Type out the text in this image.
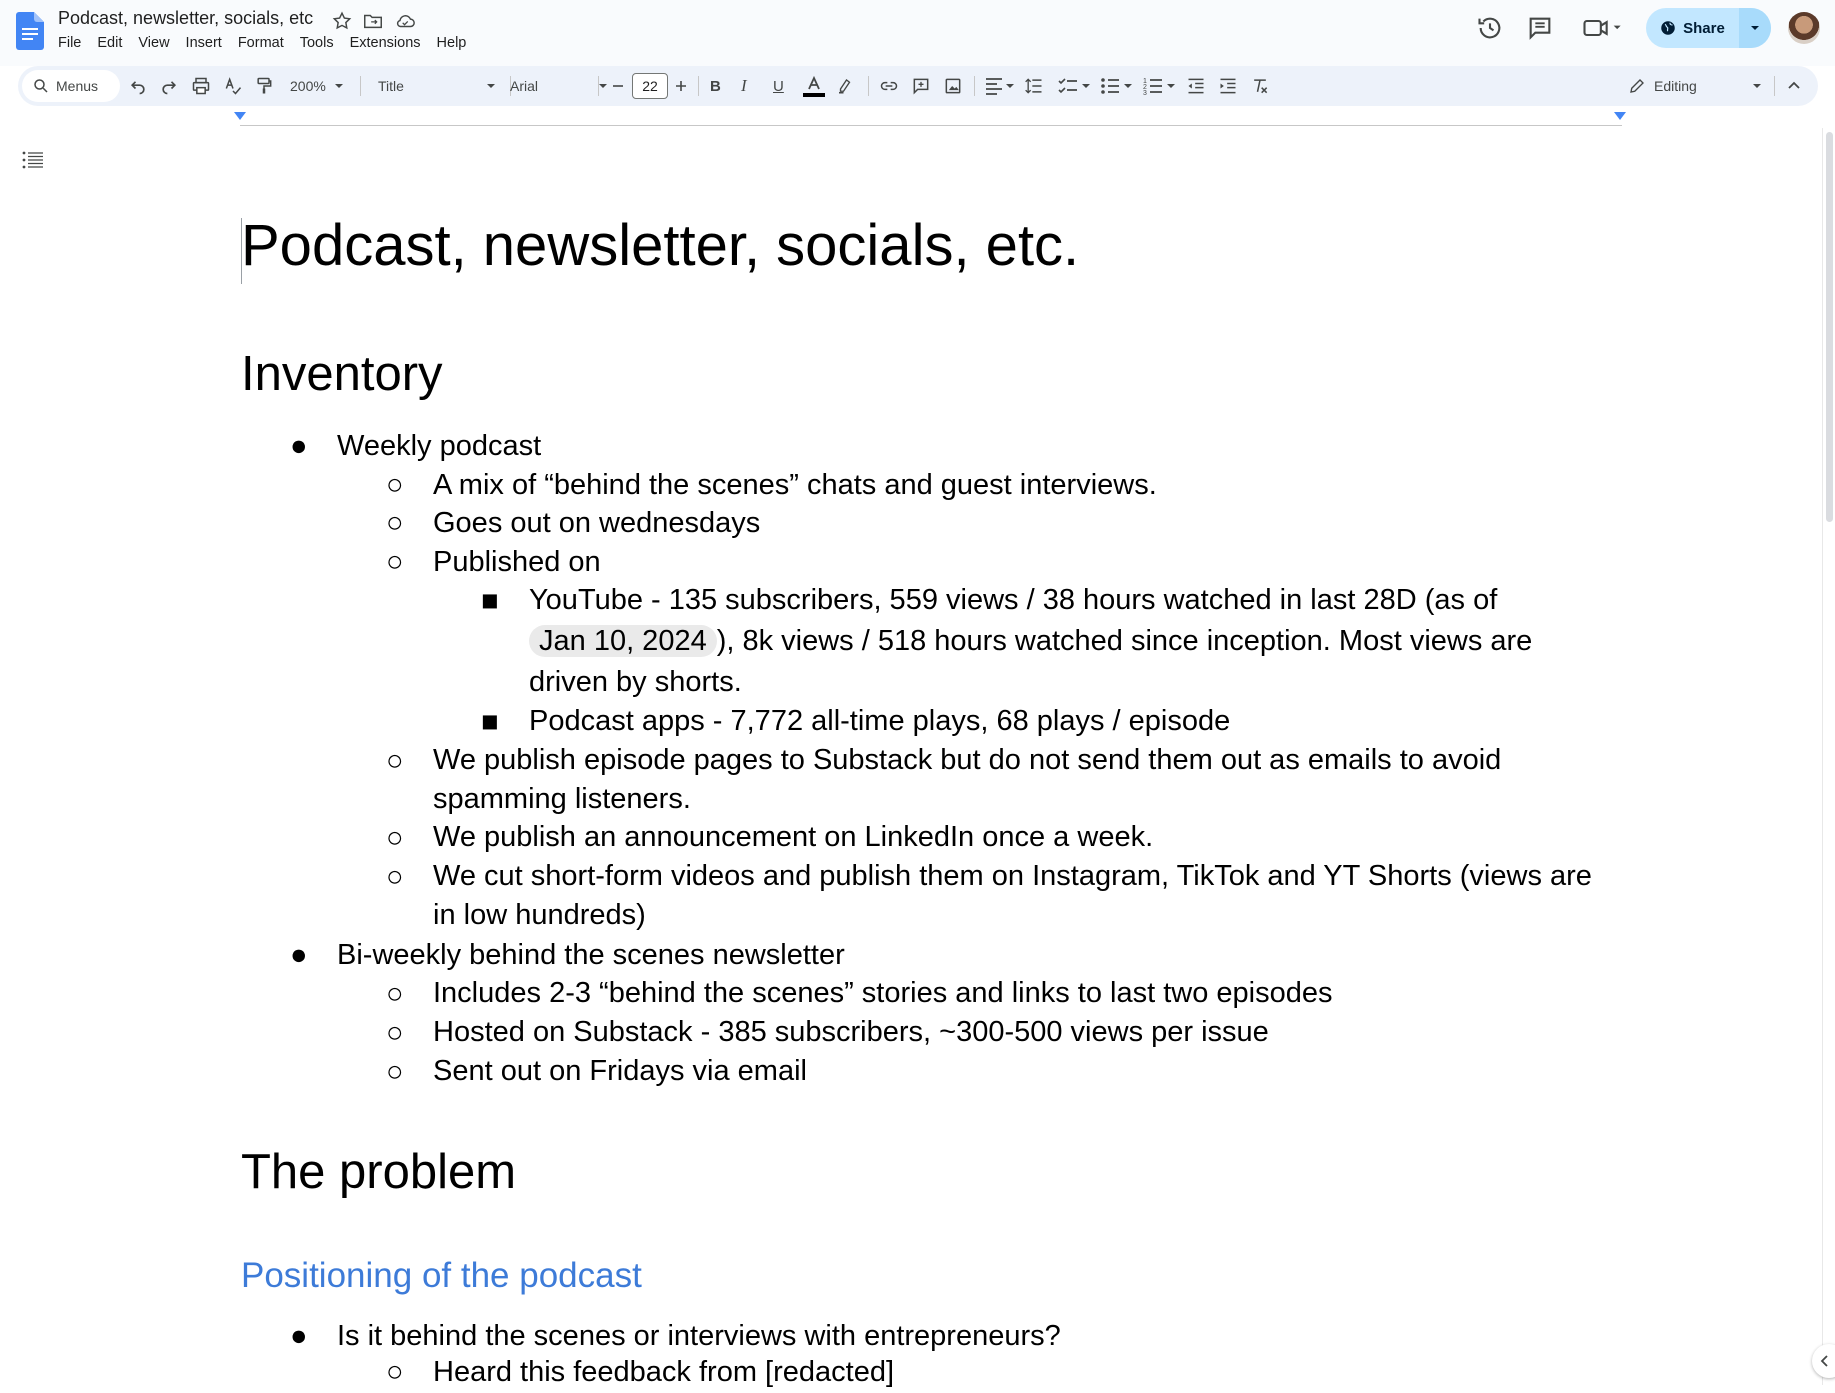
Podcast, newsletter, socials, etc
File Edit View Insert Format Tools Extensions Help
Share
Menus	200%	Title	Arial	22	B I U	1
2
3	Editing
Podcast, newsletter, socials, etc.
Inventory
● Weekly podcast
○ A mix of “behind the scenes” chats and guest interviews.
○ Goes out on wednesdays
○ Published on
■ YouTube - 135 subscribers, 559 views / 38 hours watched in last 28D (as of
Jan 10, 2024 ), 8k views / 518 hours watched since inception. Most views are
driven by shorts.
■ Podcast apps - 7,772 all-time plays, 68 plays / episode
○ We publish episode pages to Substack but do not send them out as emails to avoid
spamming listeners.
○ We publish an announcement on LinkedIn once a week.
○ We cut short-form videos and publish them on Instagram, TikTok and YT Shorts (views are
in low hundreds)
● Bi-weekly behind the scenes newsletter
○ Includes 2-3 “behind the scenes” stories and links to last two episodes
○ Hosted on Substack - 385 subscribers, ~300-500 views per issue
○ Sent out on Fridays via email
The problem
Positioning of the podcast
● Is it behind the scenes or interviews with entrepreneurs?
○ Heard this feedback from [redacted]
